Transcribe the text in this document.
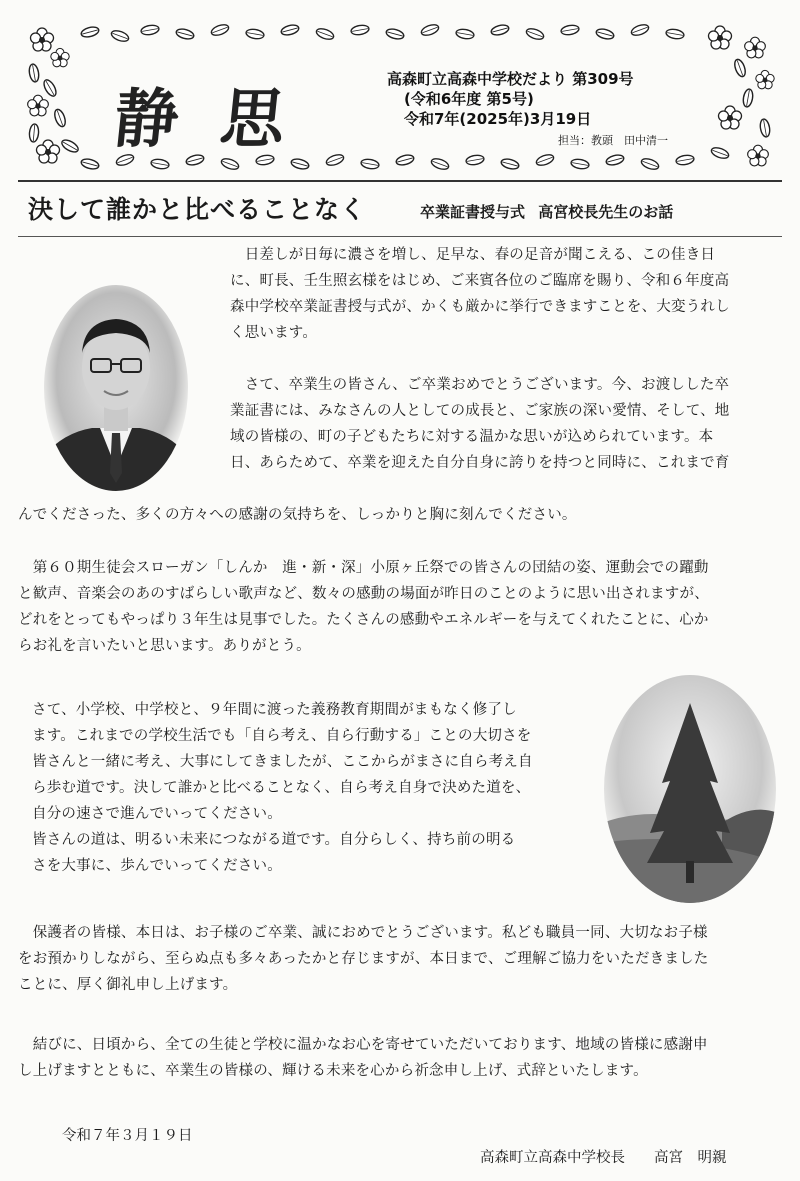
静 思
高森町立高森中学校だより 第309号
(令和6年度 第5号)
令和7年(2025年)3月19日
担当：教頭　田中清一
決して誰かと比べることなく	卒業証書授与式 高宮校長先生のお話
　日差しが日毎に濃さを増し、足早な、春の足音が聞こえる、この佳き日
に、町長、壬生照玄様をはじめ、ご来賓各位のご臨席を賜り、令和６年度高
森中学校卒業証書授与式が、かくも厳かに挙行できますことを、大変うれし
く思います。
　さて、卒業生の皆さん、ご卒業おめでとうございます。今、お渡しした卒
業証書には、みなさんの人としての成長と、ご家族の深い愛情、そして、地
域の皆様の、町の子どもたちに対する温かな思いが込められています。本
日、あらためて、卒業を迎えた自分自身に誇りを持つと同時に、これまで育
んでくださった、多くの方々への感謝の気持ちを、しっかりと胸に刻んでください。
　第６０期生徒会スローガン「しんか　進・新・深」小原ヶ丘祭での皆さんの団結の姿、運動会での躍動
と歓声、音楽会のあのすばらしい歌声など、数々の感動の場面が昨日のことのように思い出されますが、
どれをとってもやっぱり３年生は見事でした。たくさんの感動やエネルギーを与えてくれたことに、心か
らお礼を言いたいと思います。ありがとう。
さて、小学校、中学校と、９年間に渡った義務教育期間がまもなく修了し
ます。これまでの学校生活でも「自ら考え、自ら行動する」ことの大切さを
皆さんと一緒に考え、大事にしてきましたが、ここからがまさに自ら考え自
ら歩む道です。決して誰かと比べることなく、自ら考え自身で決めた道を、
自分の速さで進んでいってください。
皆さんの道は、明るい未来につながる道です。自分らしく、持ち前の明る
さを大事に、歩んでいってください。
　保護者の皆様、本日は、お子様のご卒業、誠におめでとうございます。私ども職員一同、大切なお子様
をお預かりしながら、至らぬ点も多々あったかと存じますが、本日まで、ご理解ご協力をいただきました
ことに、厚く御礼申し上げます。
　結びに、日頃から、全ての生徒と学校に温かなお心を寄せていただいております、地域の皆様に感謝申
し上げますとともに、卒業生の皆様の、輝ける未来を心から祈念申し上げ、式辞といたします。
令和７年３月１９日
高森町立高森中学校長　　高宮　明親
